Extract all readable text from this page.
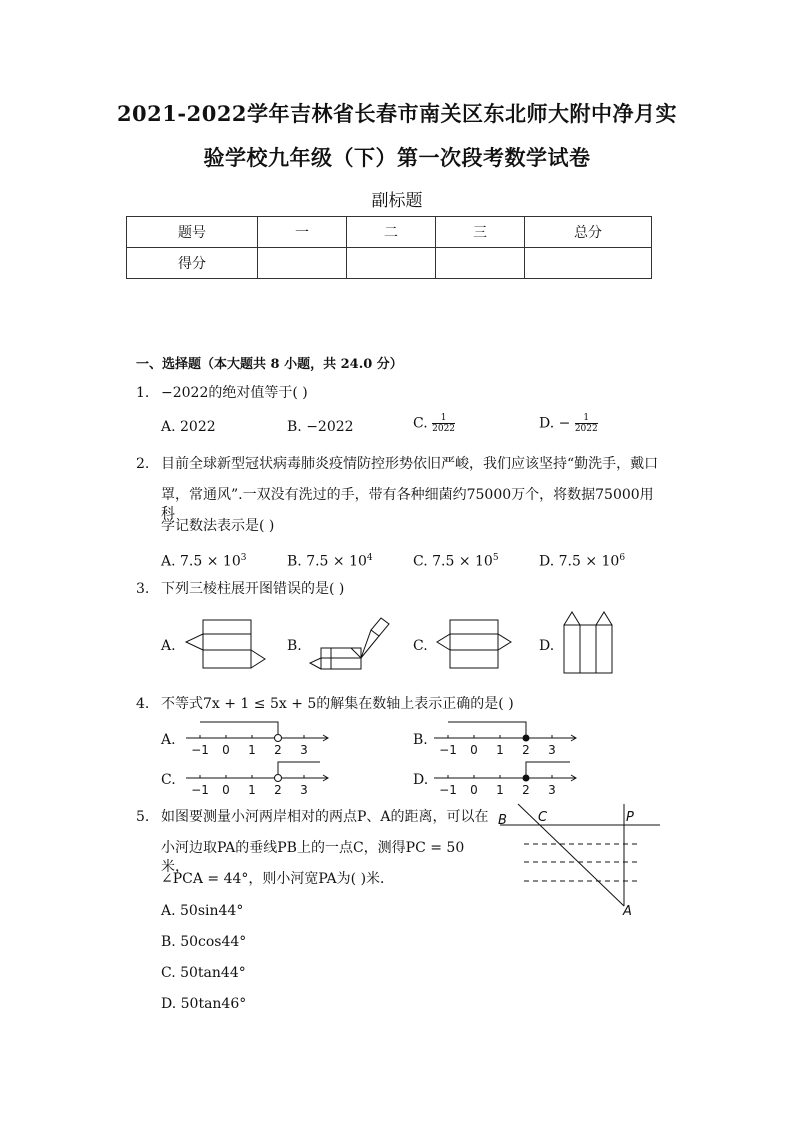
2021-2022学年吉林省长春市南关区东北师大附中净月实
验学校九年级（下）第一次段考数学试卷
副标题
题号	一	二	三	总分
得分				
一、选择题（本大题共 8 小题，共 24.0 分）
1. −2022的绝对值等于( )
A. 2022	B. −2022	C. $\frac{1}{2022}$	D. − $\frac{1}{2022}$
2. 目前全球新型冠状病毒肺炎疫情防控形势依旧严峻，我们应该坚持“勤洗手，戴口
罩，常通风”.一双没有洗过的手，带有各种细菌约75000万个，将数据75000用科
学记数法表示是( )
A. $7.5 \times 10^3$	B. $7.5 \times 10^4$	C. $7.5 \times 10^5$	D. $7.5 \times 10^6$
3. 下列三棱柱展开图错误的是( )
A.	B.	C.	D.
4. 不等式7x + 1 ≤ 5x + 5的解集在数轴上表示正确的是( )
A.
−1 0 1 2 3
B.
−1 0 1 2 3
C.
−1 0 1 2 3
D.
−1 0 1 2 3
5. 如图要测量小河两岸相对的两点P、A的距离，可以在
小河边取PA的垂线PB上的一点C，测得PC = 50米，
∠PCA = 44°，则小河宽PA为( )米．
A. 50sin44°
B. 50cos44°
C. 50tan44°
D. 50tan46°
B C	P
A
